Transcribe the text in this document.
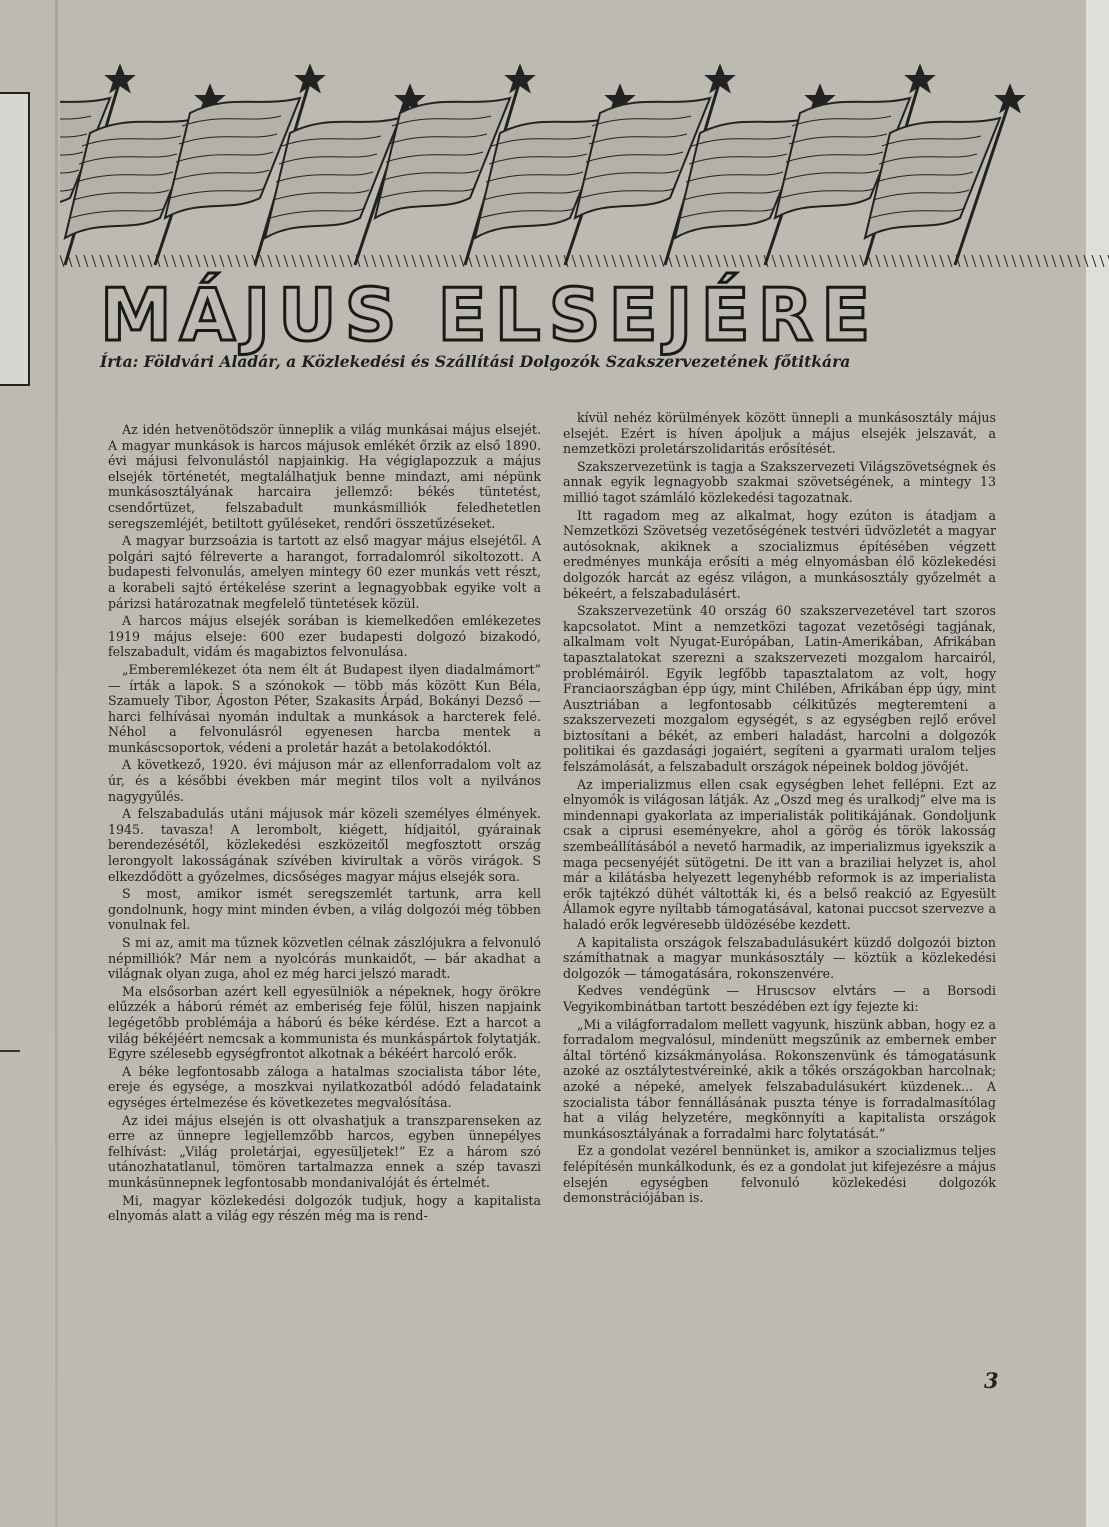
MÁJUS ELSEJÉRE

Írta: Földvári Aladár, a Közlekedési és Szállítási Dolgozók Szakszervezetének főtitkára

Az idén hetvenötödször ünneplik a világ munkásai május elsejét. A magyar munkások is harcos májusok emlékét őrzik az első 1890. évi májusi felvonulástól napjainkig. Ha végiglapozzuk a május elsejék történetét, megtalálhatjuk benne mindazt, ami népünk munkásosztályának harcaira jellemző: békés tüntetést, csendőrtüzet, felszabadult munkásmilliók feledhetetlen seregszemléjét, betiltott gyűléseket, rendőri összetűzéseket.

A magyar burzsoázia is tartott az első magyar május elsejétől. A polgári sajtó félreverte a harangot, forradalomról sikoltozott. A budapesti felvonulás, amelyen mintegy 60 ezer munkás vett részt, a korabeli sajtó értékelése szerint a legnagyobbak egyike volt a párizsi határozatnak megfelelő tüntetések közül.

A harcos május elsejék sorában is kiemelkedően emlékezetes 1919 május elseje: 600 ezer budapesti dolgozó bizakodó, felszabadult, vidám és magabiztos felvonulása.

„Emberemlékezet óta nem élt át Budapest ilyen diadalmámort” — írták a lapok. S a szónokok — több más között Kun Béla, Szamuely Tibor, Ágoston Péter, Szakasits Árpád, Bokányi Dezső — harci felhívásai nyomán indultak a munkások a harcterek felé. Néhol a felvonulásról egyenesen harcba mentek a munkáscsoportok, védeni a proletár hazát a betolakodóktól.

A következő, 1920. évi májuson már az ellenforradalom volt az úr, és a későbbi években már megint tilos volt a nyilvános nagygyűlés.

A felszabadulás utáni májusok már közeli személyes élmények. 1945. tavasza! A lerombolt, kiégett, hídjaitól, gyárainak berendezésétől, közlekedési eszközeitől megfosztott ország lerongyolt lakosságának szívében kivirultak a vörös virágok. S elkezdődött a győzelmes, dicsőséges magyar május elsejék sora.

S most, amikor ismét seregszemlét tartunk, arra kell gondolnunk, hogy mint minden évben, a világ dolgozói még többen vonulnak fel.

S mi az, amit ma tűznek közvetlen célnak zászlójukra a felvonuló népmilliók? Már nem a nyolcórás munkaidőt, — bár akadhat a világnak olyan zuga, ahol ez még harci jelszó maradt.

Ma elsősorban azért kell egyesülniök a népeknek, hogy örökre elűzzék a háború rémét az emberiség feje fölül, hiszen napjaink legégetőbb problémája a háború és béke kérdése. Ezt a harcot a világ békéjéért nemcsak a kommunista és munkáspártok folytatják. Egyre szélesebb egységfrontot alkotnak a békéért harcoló erők.

A béke legfontosabb záloga a hatalmas szocialista tábor léte, ereje és egysége, a moszkvai nyilatkozatból adódó feladataink egységes értelmezése és következetes megvalósítása.

Az idei május elsején is ott olvashatjuk a transzparenseken az erre az ünnepre legjellemzőbb harcos, egyben ünnepélyes felhívást: „Világ proletárjai, egyesüljetek!” Ez a három szó utánozhatatlanul, tömören tartalmazza ennek a szép tavaszi munkásünnepnek legfontosabb mondanivalóját és értelmét.

Mi, magyar közlekedési dolgozók tudjuk, hogy a kapitalista elnyomás alatt a világ egy részén még ma is rend-

kívül nehéz körülmények között ünnepli a munkásosztály május elsejét. Ezért is híven ápoljuk a május elsejék jelszavát, a nemzetközi proletárszolidaritás erősítését.

Szakszervezetünk is tagja a Szakszervezeti Világszövetségnek és annak egyik legnagyobb szakmai szövetségének, a mintegy 13 millió tagot számláló közlekedési tagozatnak.

Itt ragadom meg az alkalmat, hogy ezúton is átadjam a Nemzetközi Szövetség vezetőségének testvéri üdvözletét a magyar autósoknak, akiknek a szocializmus építésében végzett eredményes munkája erősíti a még elnyomásban élő közlekedési dolgozók harcát az egész világon, a munkásosztály győzelmét a békeért, a felszabadulásért.

Szakszervezetünk 40 ország 60 szakszervezetével tart szoros kapcsolatot. Mint a nemzetközi tagozat vezetőségi tagjának, alkalmam volt Nyugat-Európában, Latin-Amerikában, Afrikában tapasztalatokat szerezni a szakszervezeti mozgalom harcairól, problémáiról. Egyik legfőbb tapasztalatom az volt, hogy Franciaországban épp úgy, mint Chilében, Afrikában épp úgy, mint Ausztriában a legfontosabb célkitűzés megteremteni a szakszervezeti mozgalom egységét, s az egységben rejlő erővel biztosítani a békét, az emberi haladást, harcolni a dolgozók politikai és gazdasági jogaiért, segíteni a gyarmati uralom teljes felszámolását, a felszabadult országok népeinek boldog jövőjét.

Az imperializmus ellen csak egységben lehet fellépni. Ezt az elnyomók is világosan látják. Az „Oszd meg és uralkodj” elve ma is mindennapi gyakorlata az imperialisták politikájának. Gondoljunk csak a ciprusi eseményekre, ahol a görög és török lakosság szembeállításából a nevető harmadik, az imperializmus igyekszik a maga pecsenyéjét sütögetni. De itt van a braziliai helyzet is, ahol már a kilátásba helyezett legenyhébb reformok is az imperialista erők tajtékzó dühét váltották ki, és a belső reakció az Egyesült Államok egyre nyíltabb támogatásával, katonai puccsot szervezve a haladó erők legvéresebb üldözésébe kezdett.

A kapitalista országok felszabadulásukért küzdő dolgozói bizton számíthatnak a magyar munkásosztály — köztük a közlekedési dolgozók — támogatására, rokonszenvére.

Kedves vendégünk — Hruscsov elvtárs — a Borsodi Vegyikombinátban tartott beszédében ezt így fejezte ki:

„Mi a világforradalom mellett vagyunk, hiszünk abban, hogy ez a forradalom megvalósul, mindenütt megszűnik az embernek ember által történő kizsákmányolása. Rokonszenvünk és támogatásunk azoké az osztálytestvéreinké, akik a tőkés országokban harcolnak; azoké a népeké, amelyek felszabadulásukért küzdenek... A szocialista tábor fennállásának puszta ténye is forradalmasítólag hat a világ helyzetére, megkönnyíti a kapitalista országok munkásosztályának a forradalmi harc folytatását.”

Ez a gondolat vezérel bennünket is, amikor a szocializmus teljes felépítésén munkálkodunk, és ez a gondolat jut kifejezésre a május elsején egységben felvonuló közlekedési dolgozók demonstrációjában is.

3
